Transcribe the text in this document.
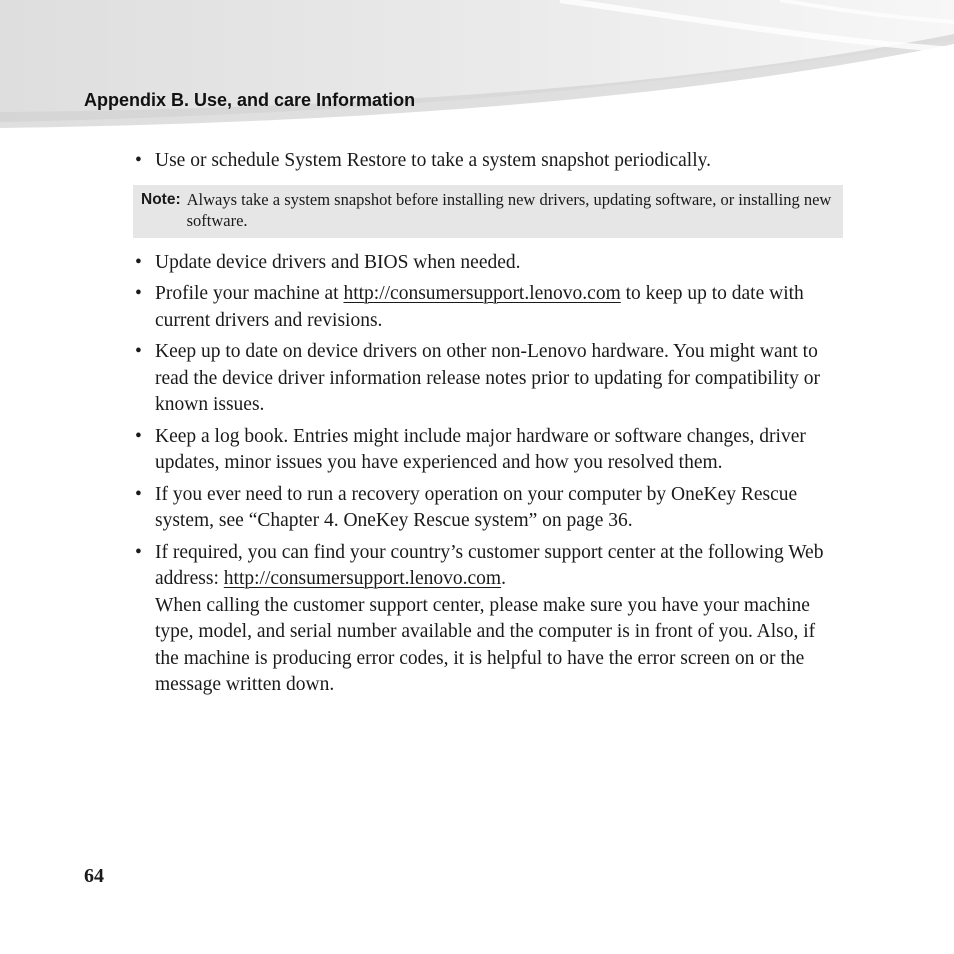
Appendix B. Use, and care Information
• Use or schedule System Restore to take a system snapshot periodically.
Note: Always take a system snapshot before installing new drivers, updating software, or installing new software.
• Update device drivers and BIOS when needed.
• Profile your machine at http://consumersupport.lenovo.com to keep up to date with current drivers and revisions.
• Keep up to date on device drivers on other non-Lenovo hardware. You might want to read the device driver information release notes prior to updating for compatibility or known issues.
• Keep a log book. Entries might include major hardware or software changes, driver updates, minor issues you have experienced and how you resolved them.
• If you ever need to run a recovery operation on your computer by OneKey Rescue system, see “Chapter 4. OneKey Rescue system” on page 36.
• If required, you can find your country’s customer support center at the following Web address: http://consumersupport.lenovo.com.
When calling the customer support center, please make sure you have your machine type, model, and serial number available and the computer is in front of you. Also, if the machine is producing error codes, it is helpful to have the error screen on or the message written down.

64
